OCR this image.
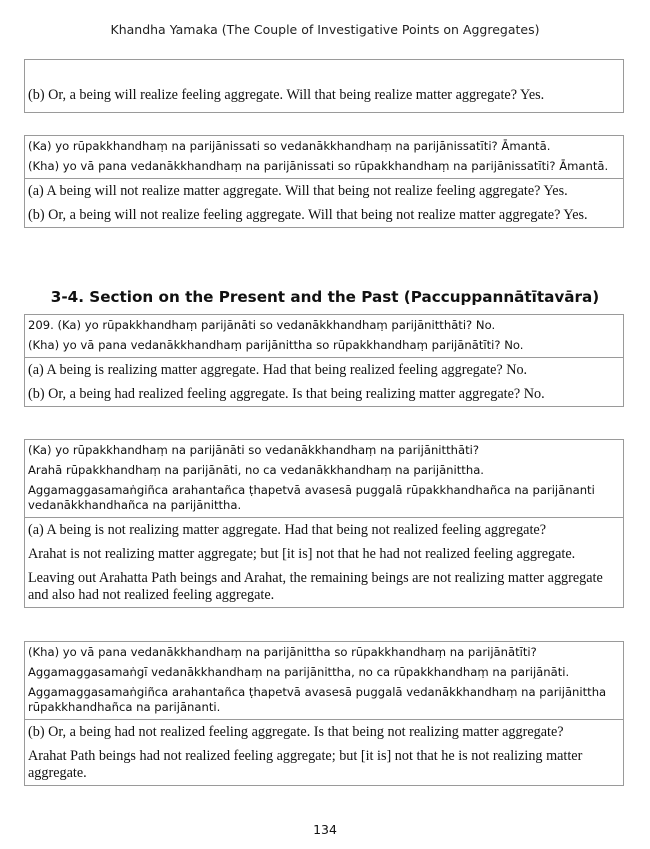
Khandha Yamaka (The Couple of Investigative Points on Aggregates)

(b) Or, a being will realize feeling aggregate. Will that being realize matter aggregate? Yes.

(Ka) yo rūpakkhandhaṃ na parijānissati so vedanākkhandhaṃ na parijānissatīti? Āmantā.

(Kha) yo vā pana vedanākkhandhaṃ na parijānissati so rūpakkhandhaṃ na parijānissatīti? Āmantā.

(a) A being will not realize matter aggregate. Will that being not realize feeling aggregate? Yes.

(b) Or, a being will not realize feeling aggregate. Will that being not realize matter aggregate? Yes.

3-4. Section on the Present and the Past (Paccuppannātītavāra)

209. (Ka) yo rūpakkhandhaṃ parijānāti so vedanākkhandhaṃ parijānitthāti? No.

(Kha) yo vā pana vedanākkhandhaṃ parijānittha so rūpakkhandhaṃ parijānātīti? No.

(a) A being is realizing matter aggregate. Had that being realized feeling aggregate? No.

(b) Or, a being had realized feeling aggregate. Is that being realizing matter aggregate? No.

(Ka) yo rūpakkhandhaṃ na parijānāti so vedanākkhandhaṃ na parijānitthāti?

Arahā rūpakkhandhaṃ na parijānāti, no ca vedanākkhandhaṃ na parijānittha.

Aggamaggasamaṅgiñca arahantañca ṭhapetvā avasesā puggalā rūpakkhandhañca na parijānanti vedanākkhandhañca na parijānittha.

(a) A being is not realizing matter aggregate. Had that being not realized feeling aggregate?

Arahat is not realizing matter aggregate; but [it is] not that he had not realized feeling aggregate.

Leaving out Arahatta Path beings and Arahat, the remaining beings are not realizing matter aggregate and also had not realized feeling aggregate.

(Kha) yo vā pana vedanākkhandhaṃ na parijānittha so rūpakkhandhaṃ na parijānātīti?

Aggamaggasamaṅgī vedanākkhandhaṃ na parijānittha, no ca rūpakkhandhaṃ na parijānāti.

Aggamaggasamaṅgiñca arahantañca ṭhapetvā avasesā puggalā vedanākkhandhaṃ na parijānittha rūpakkhandhañca na parijānanti.

(b) Or, a being had not realized feeling aggregate. Is that being not realizing matter aggregate?

Arahat Path beings had not realized feeling aggregate; but [it is] not that he is not realizing matter aggregate.

134
